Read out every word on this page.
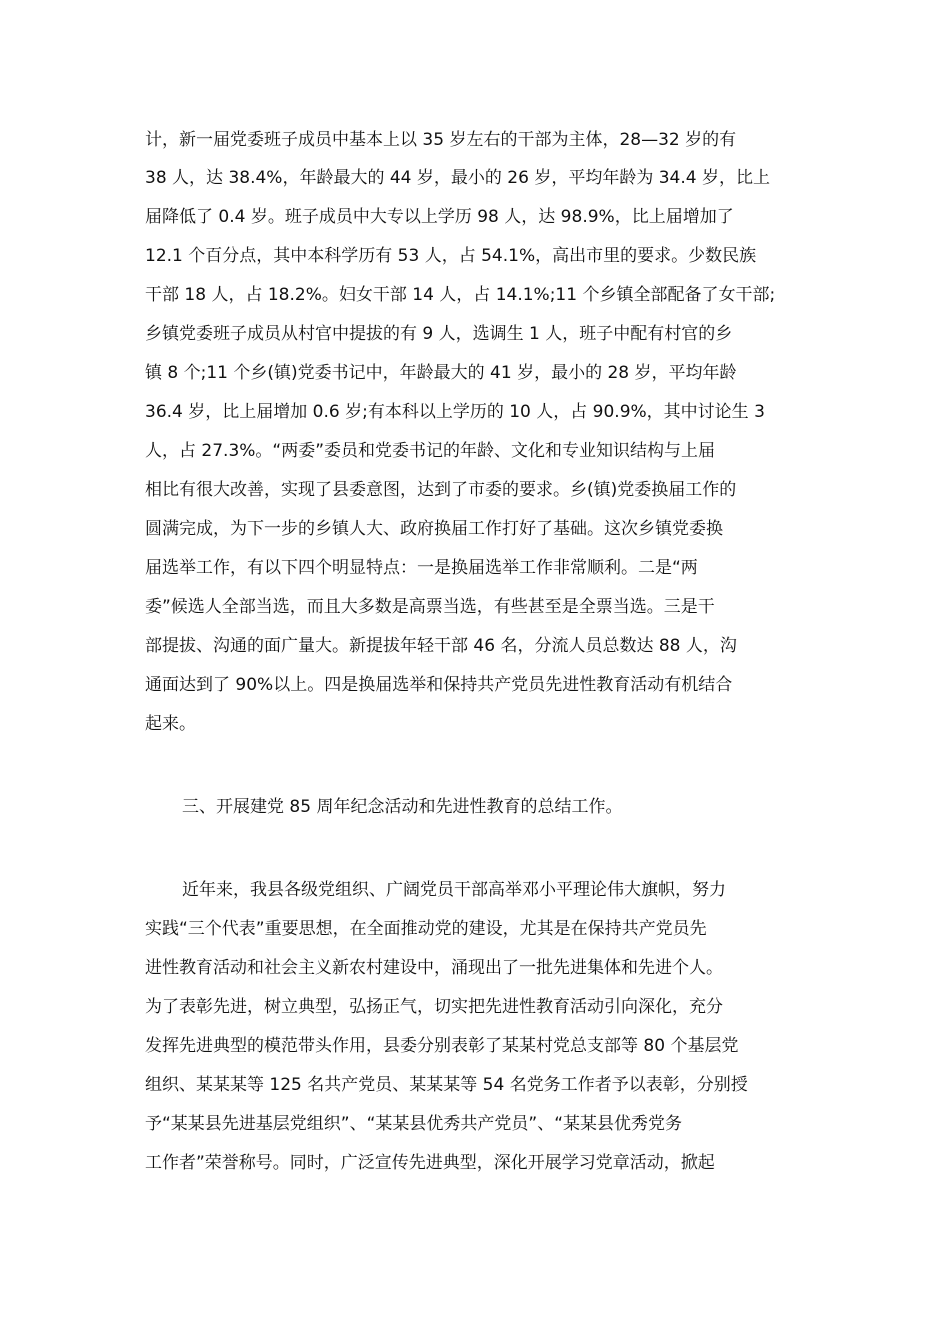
计，新一届党委班子成员中基本上以 35 岁左右的干部为主体，28—32 岁的有
38 人，达 38.4%，年龄最大的 44 岁，最小的 26 岁，平均年龄为 34.4 岁，比上
届降低了 0.4 岁。班子成员中大专以上学历 98 人，达 98.9%，比上届增加了
12.1 个百分点，其中本科学历有 53 人，占 54.1%，高出市里的要求。少数民族
干部 18 人，占 18.2%。妇女干部 14 人，占 14.1%;11 个乡镇全部配备了女干部;
乡镇党委班子成员从村官中提拔的有 9 人，选调生 1 人，班子中配有村官的乡
镇 8 个;11 个乡(镇)党委书记中，年龄最大的 41 岁，最小的 28 岁，平均年龄
36.4 岁，比上届增加 0.6 岁;有本科以上学历的 10 人，占 90.9%，其中讨论生 3
人，占 27.3%。“两委”委员和党委书记的年龄、文化和专业知识结构与上届
相比有很大改善，实现了县委意图，达到了市委的要求。乡(镇)党委换届工作的
圆满完成，为下一步的乡镇人大、政府换届工作打好了基础。这次乡镇党委换
届选举工作，有以下四个明显特点：一是换届选举工作非常顺利。二是“两
委”候选人全部当选，而且大多数是高票当选，有些甚至是全票当选。三是干
部提拔、沟通的面广量大。新提拔年轻干部 46 名，分流人员总数达 88 人，沟
通面达到了 90%以上。四是换届选举和保持共产党员先进性教育活动有机结合
起来。
三、开展建党 85 周年纪念活动和先进性教育的总结工作。
近年来，我县各级党组织、广阔党员干部高举邓小平理论伟大旗帜，努力
实践“三个代表”重要思想，在全面推动党的建设，尤其是在保持共产党员先
进性教育活动和社会主义新农村建设中，涌现出了一批先进集体和先进个人。
为了表彰先进，树立典型，弘扬正气，切实把先进性教育活动引向深化，充分
发挥先进典型的模范带头作用，县委分别表彰了某某村党总支部等 80 个基层党
组织、某某某等 125 名共产党员、某某某等 54 名党务工作者予以表彰，分别授
予“某某县先进基层党组织”、“某某县优秀共产党员”、“某某县优秀党务
工作者”荣誉称号。同时，广泛宣传先进典型，深化开展学习党章活动，掀起
